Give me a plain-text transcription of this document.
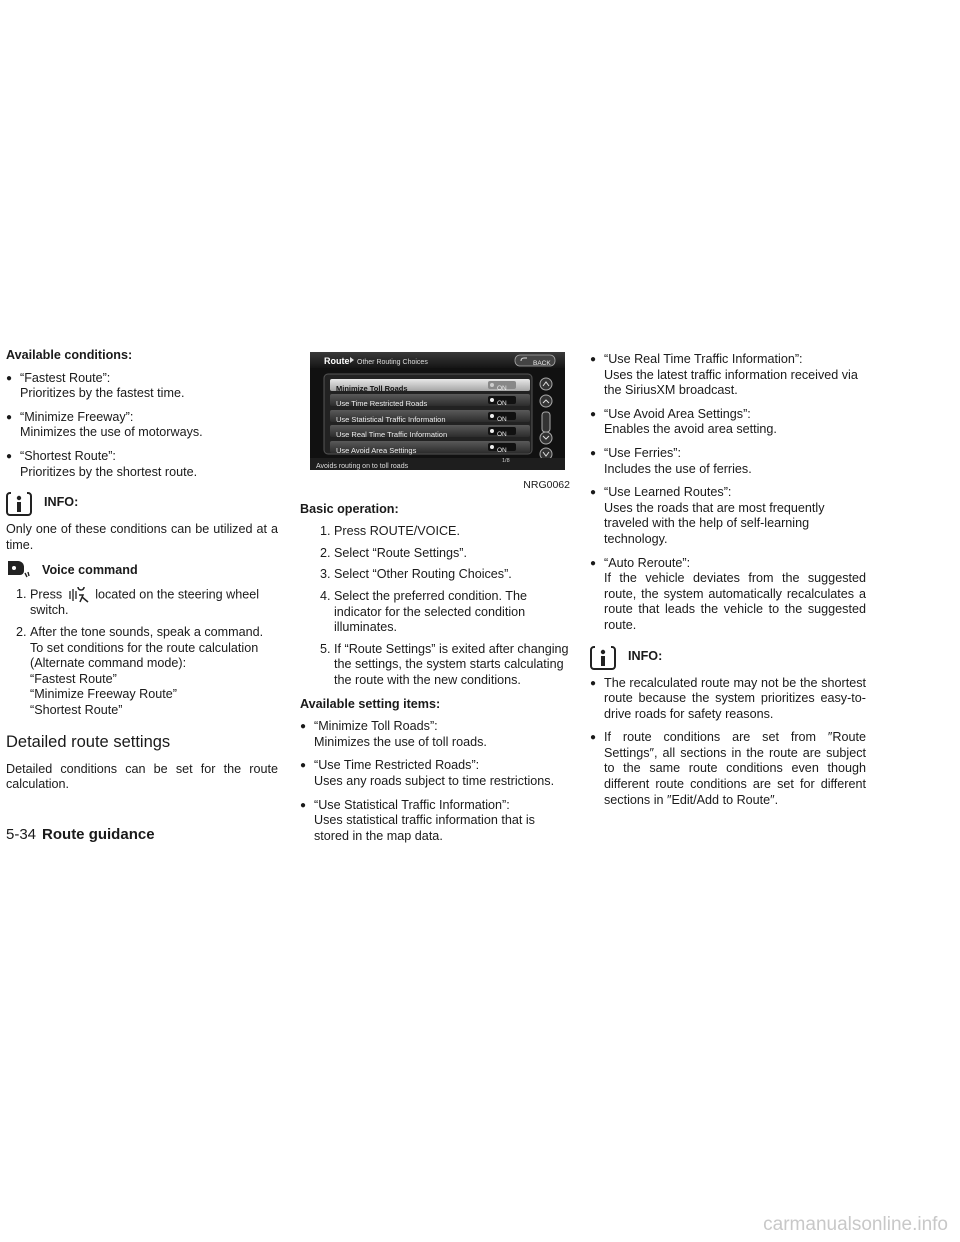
Available conditions:
● “Fastest Route”:
Prioritizes by the fastest time.
● “Minimize Freeway”:
Minimizes the use of motorways.
● “Shortest Route”:
Prioritizes by the shortest route.
INFO:
Only one of these conditions can be utilized at a time.
Voice command
1. Press	located on the steering wheel switch.
2. After the tone sounds, speak a command. To set conditions for the route calculation (Alternate command mode):
“Fastest Route”
“Minimize Freeway Route”
“Shortest Route”
Detailed route settings
Detailed conditions can be set for the route calculation.
Route Other Routing Choices	BACK
Minimize Toll Roads	ON
Use Time Restricted Roads	ON
Use Statistical Traffic Information	ON
Use Real Time Traffic Information	ON
Use Avoid Area Settings	ON
Avoids routing on to toll roads
1/8
NRG0062
Basic operation:
1. Press ROUTE/VOICE.
2. Select “Route Settings”.
3. Select “Other Routing Choices”.
4. Select the preferred condition. The indicator for the selected condition illuminates.
5. If “Route Settings” is exited after changing the settings, the system starts calculating the route with the new conditions.
Available setting items:
● “Minimize Toll Roads”:
Minimizes the use of toll roads.
● “Use Time Restricted Roads”:
Uses any roads subject to time restrictions.
● “Use Statistical Traffic Information”:
Uses statistical traffic information that is stored in the map data.
● “Use Real Time Traffic Information”:
Uses the latest traffic information received via the SiriusXM broadcast.
● “Use Avoid Area Settings”:
Enables the avoid area setting.
● “Use Ferries”:
Includes the use of ferries.
● “Use Learned Routes”:
Uses the roads that are most frequently traveled with the help of self-learning technology.
● “Auto Reroute”:
If the vehicle deviates from the suggested route, the system automatically recalculates a route that leads the vehicle to the suggested route.
INFO:
● The recalculated route may not be the shortest route because the system prioritizes easy-to-drive roads for safety reasons.
● If route conditions are set from ″Route Settings″, all sections in the route are subject to the same route conditions even though different route conditions are set for different sections in ″Edit/Add to Route″.
5-34 Route guidance
carmanualsonline.info
